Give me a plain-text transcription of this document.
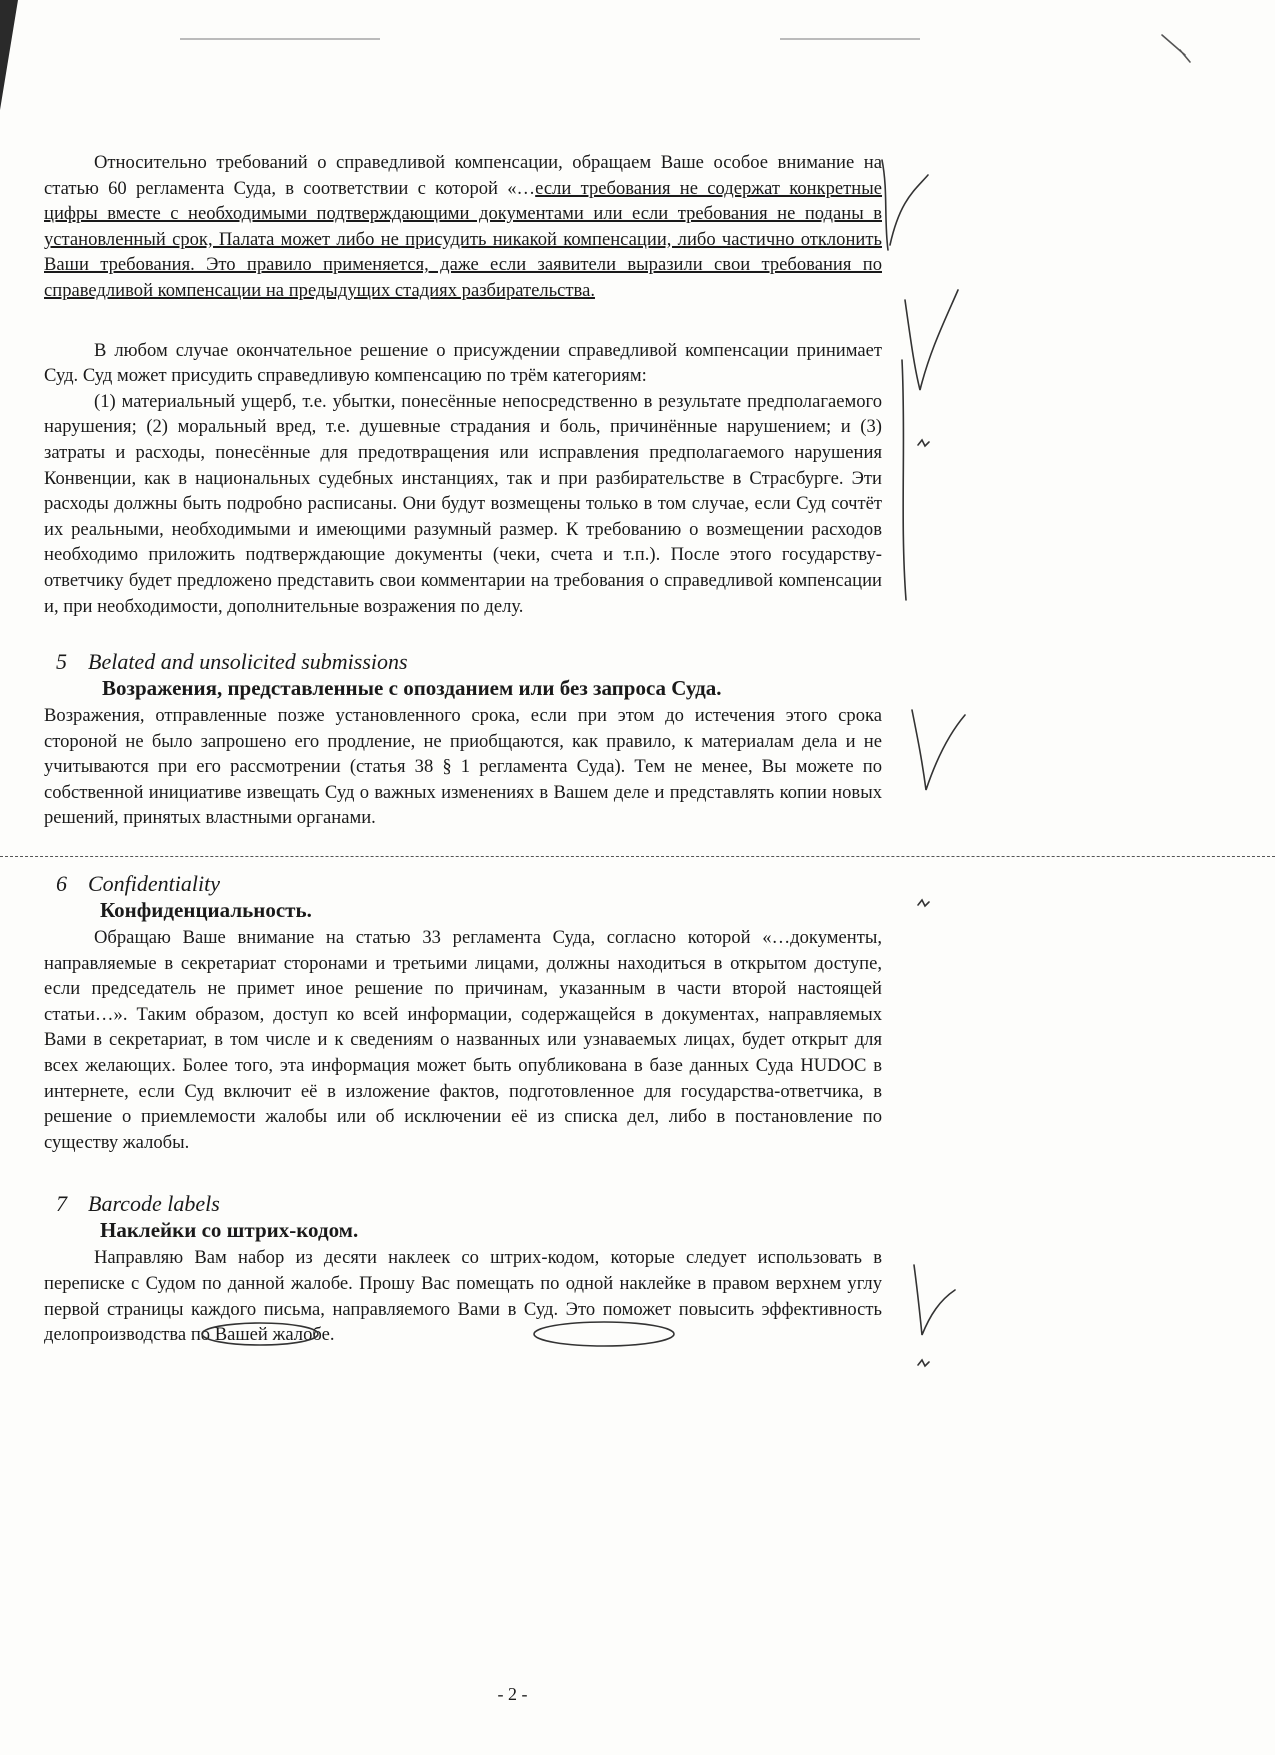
Относительно требований о справедливой компенсации, обращаем Ваше особое внимание на статью 60 регламента Суда, в соответствии с которой «…если требования не содержат конкретные цифры вместе с необходимыми подтверждающими документами или если требования не поданы в установленный срок, Палата может либо не присудить никакой компенсации, либо частично отклонить Ваши требования. Это правило применяется, даже если заявители выразили свои требования по справедливой компенсации на предыдущих стадиях разбирательства.

В любом случае окончательное решение о присуждении справедливой компенсации принимает Суд. Суд может присудить справедливую компенсацию по трём категориям:

(1) материальный ущерб, т.е. убытки, понесённые непосредственно в результате предполагаемого нарушения; (2) моральный вред, т.е. душевные страдания и боль, причинённые нарушением; и (3) затраты и расходы, понесённые для предотвращения или исправления предполагаемого нарушения Конвенции, как в национальных судебных инстанциях, так и при разбирательстве в Страсбурге. Эти расходы должны быть подробно расписаны. Они будут возмещены только в том случае, если Суд сочтёт их реальными, необходимыми и имеющими разумный размер. К требованию о возмещении расходов необходимо приложить подтверждающие документы (чеки, счета и т.п.). После этого государству-ответчику будет предложено представить свои комментарии на требования о справедливой компенсации и, при необходимости, дополнительные возражения по делу.

5 Belated and unsolicited submissions

Возражения, представленные с опозданием или без запроса Суда.

Возражения, отправленные позже установленного срока, если при этом до истечения этого срока стороной не было запрошено его продление, не приобщаются, как правило, к материалам дела и не учитываются при его рассмотрении (статья 38 § 1 регламента Суда). Тем не менее, Вы можете по собственной инициативе извещать Суд о важных изменениях в Вашем деле и представлять копии новых решений, принятых властными органами.

6 Confidentiality

Конфиденциальность.

Обращаю Ваше внимание на статью 33 регламента Суда, согласно которой «…документы, направляемые в секретариат сторонами и третьими лицами, должны находиться в открытом доступе, если председатель не примет иное решение по причинам, указанным в части второй настоящей статьи…». Таким образом, доступ ко всей информации, содержащейся в документах, направляемых Вами в секретариат, в том числе и к сведениям о названных или узнаваемых лицах, будет открыт для всех желающих. Более того, эта информация может быть опубликована в базе данных Суда HUDOC в интернете, если Суд включит её в изложение фактов, подготовленное для государства-ответчика, в решение о приемлемости жалобы или об исключении её из списка дел, либо в постановление по существу жалобы.

7 Barcode labels

Наклейки со штрих-кодом.

Направляю Вам набор из десяти наклеек со штрих-кодом, которые следует использовать в переписке с Судом по данной жалобе. Прошу Вас помещать по одной наклейке в правом верхнем углу первой страницы каждого письма, направляемого Вами в Суд. Это поможет повысить эффективность делопроизводства по Вашей жалобе.

- 2 -
